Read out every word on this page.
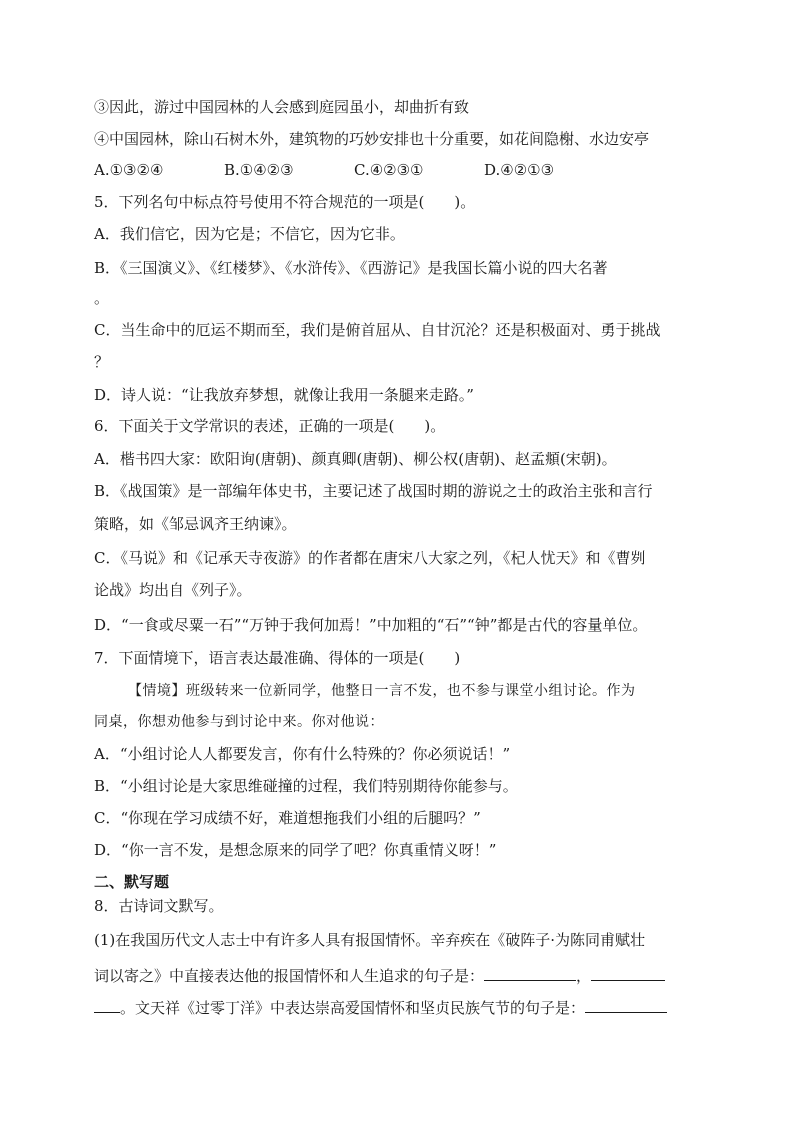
③因此，游过中国园林的人会感到庭园虽小，却曲折有致
④中国园林，除山石树木外，建筑物的巧妙安排也十分重要，如花间隐榭、水边安亭
A.①③②④	B.①④②③	C.④②③①	D.④②①③
5．下列名句中标点符号使用不符合规范的一项是(　　)。
A．我们信它，因为它是；不信它，因为它非。
B．《三国演义》、《红楼梦》、《水浒传》、《西游记》是我国长篇小说的四大名著
。
C．当生命中的厄运不期而至，我们是俯首屈从、自甘沉沦？还是积极面对、勇于挑战
？
D．诗人说：“让我放弃梦想，就像让我用一条腿来走路。”
6．下面关于文学常识的表述，正确的一项是(　　)。
A．楷书四大家：欧阳询(唐朝)、颜真卿(唐朝)、柳公权(唐朝)、赵孟頫(宋朝)。
B．《战国策》是一部编年体史书，主要记述了战国时期的游说之士的政治主张和言行
策略，如《邹忌讽齐王纳谏》。
C．《马说》和《记承天寺夜游》的作者都在唐宋八大家之列，《杞人忧天》和《曹刿
论战》均出自《列子》。
D．“一食或尽粟一石”“万钟于我何加焉！”中加粗的“石”“钟”都是古代的容量单位。
7．下面情境下，语言表达最准确、得体的一项是(　　)
【情境】班级转来一位新同学，他整日一言不发，也不参与课堂小组讨论。作为
同桌，你想劝他参与到讨论中来。你对他说：
A．“小组讨论人人都要发言，你有什么特殊的？你必须说话！”
B．“小组讨论是大家思维碰撞的过程，我们特别期待你能参与。
C．“你现在学习成绩不好，难道想拖我们小组的后腿吗？”
D．“你一言不发，是想念原来的同学了吧？你真重情义呀！”
二、默写题
8．古诗词文默写。
(1)在我国历代文人志士中有许多人具有报国情怀。辛弃疾在《破阵子·为陈同甫赋壮
词以寄之》中直接表达他的报国情怀和人生追求的句子是：	，
。文天祥《过零丁洋》中表达崇高爱国情怀和坚贞民族气节的句子是：
